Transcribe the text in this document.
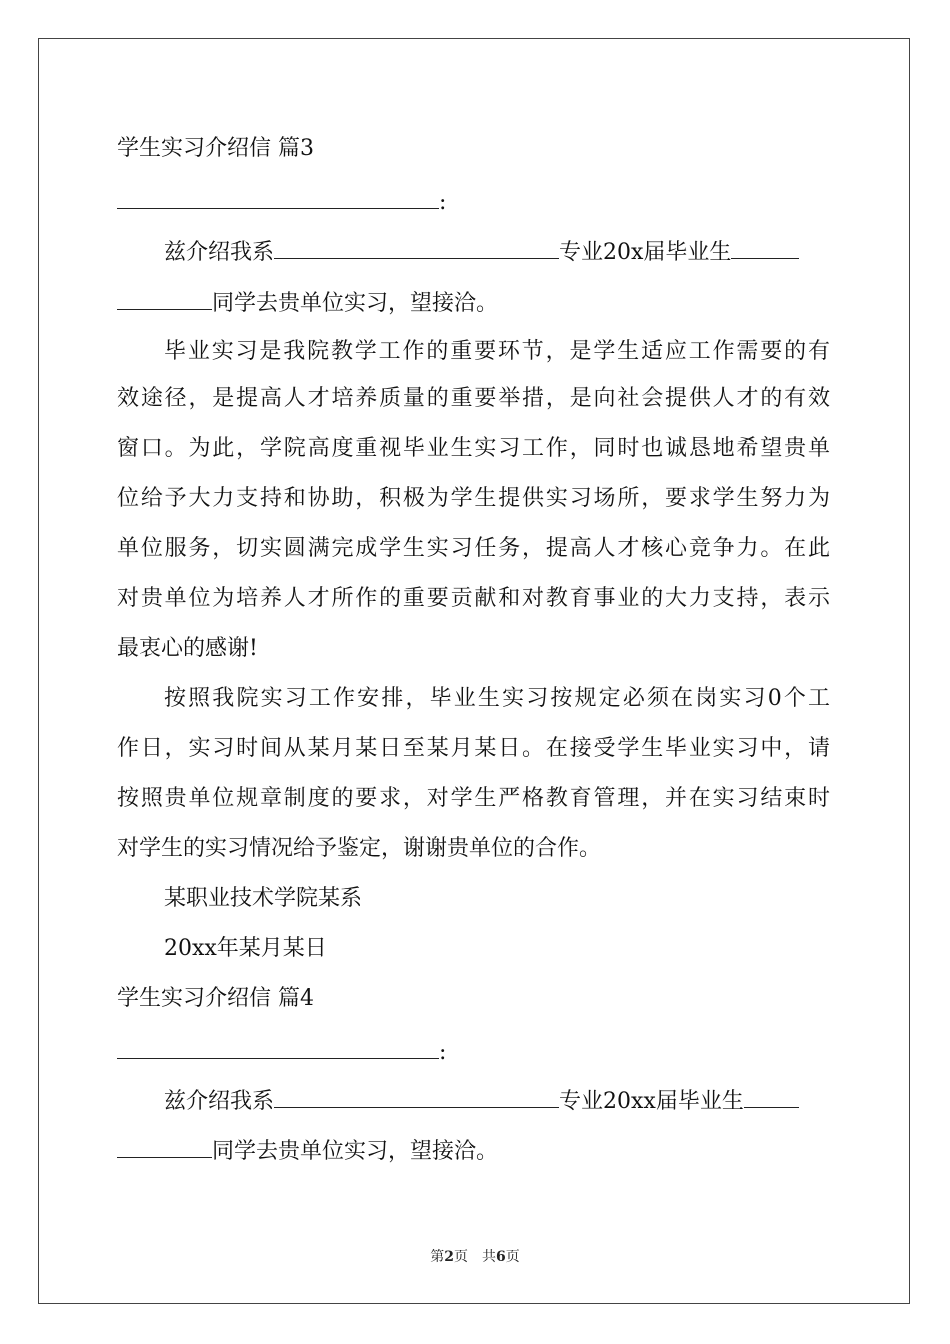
学生实习介绍信 篇3
:
兹介绍我系	专业20x届毕业生
同学去贵单位实习，望接洽。
毕业实习是我院教学工作的重要环节，是学生适应工作需要的有
效途径，是提高人才培养质量的重要举措，是向社会提供人才的有效
窗口。为此，学院高度重视毕业生实习工作，同时也诚恳地希望贵单
位给予大力支持和协助，积极为学生提供实习场所，要求学生努力为
单位服务，切实圆满完成学生实习任务，提高人才核心竞争力。在此
对贵单位为培养人才所作的重要贡献和对教育事业的大力支持，表示
最衷心的感谢!
按照我院实习工作安排，毕业生实习按规定必须在岗实习0个工
作日，实习时间从某月某日至某月某日。在接受学生毕业实习中，请
按照贵单位规章制度的要求，对学生严格教育管理，并在实习结束时
对学生的实习情况给予鉴定，谢谢贵单位的合作。
某职业技术学院某系
20xx年某月某日
学生实习介绍信 篇4
:
兹介绍我系	专业20xx届毕业生
同学去贵单位实习，望接洽。
第2页　共6页
